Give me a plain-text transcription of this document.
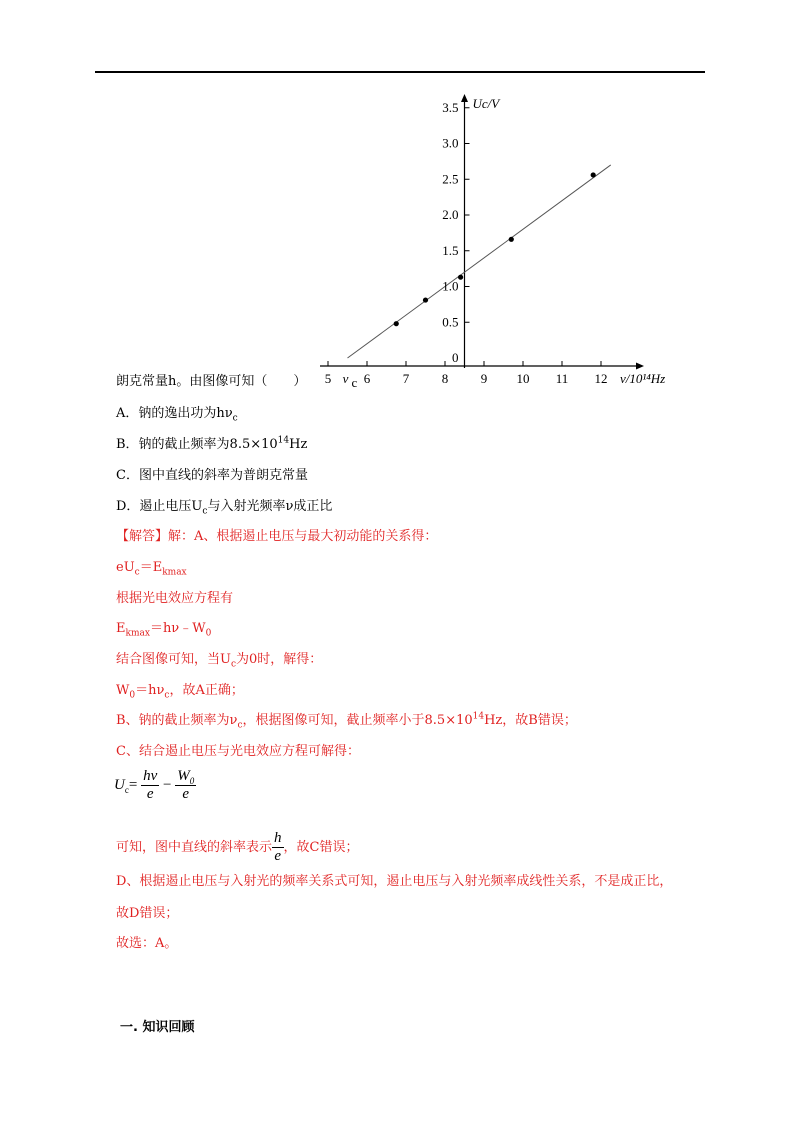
5	6	7	8	9 10 11 12
0
0.5
1.0
1.5
2.0
2.5
3.0
3.5
ν c
Uc/V
ν/10¹⁴Hz
朗克常量h。由图像可知（　　）
A．钠的逸出功为$h\nu_c$
B．钠的截止频率为$8.5\times 10^{14}Hz$
C．图中直线的斜率为普朗克常量
D．遏止电压$U_c$与入射光频率ν成正比
【解答】解：A、根据遏止电压与最大初动能的关系得：
$eU_c=E_{kmax}$
根据光电效应方程有
$E_{kmax}=h\nu﹣W_0$
结合图像可知，当$U_c$为0时，解得：
$W_0=h\nu_c$，故A正确；
B、钠的截止频率为$\nu_c$，根据图像可知，截止频率小于$8.5\times 10^{14}Hz$，故B错误；
C、结合遏止电压与光电效应方程可解得：
$U_c= \frac{h\nu}{e} - \frac{W_0}{e}$
可知，图中直线的斜率表示 $\frac{h}{e}$ ，故C错误；
D、根据遏止电压与入射光的频率关系式可知，遏止电压与入射光频率成线性关系，不是成正比，
故D错误；
故选：A。
一. 知识回顾
